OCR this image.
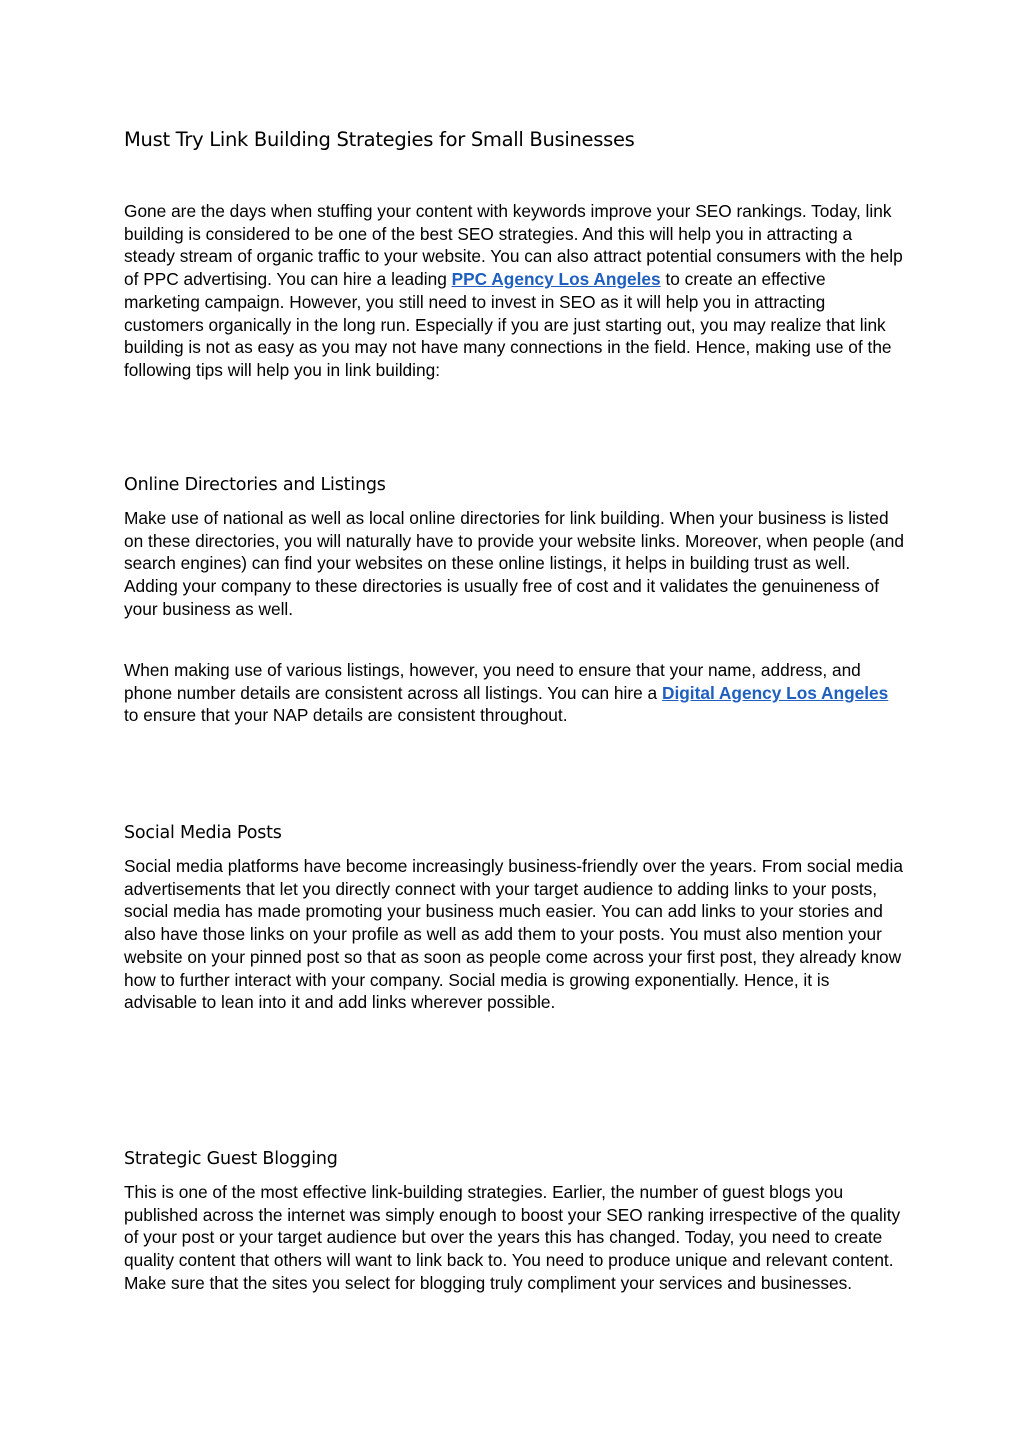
Must Try Link Building Strategies for Small Businesses
Gone are the days when stuffing your content with keywords improve your SEO rankings. Today, link building is considered to be one of the best SEO strategies. And this will help you in attracting a steady stream of organic traffic to your website. You can also attract potential consumers with the help of PPC advertising. You can hire a leading PPC Agency Los Angeles to create an effective marketing campaign. However, you still need to invest in SEO as it will help you in attracting customers organically in the long run. Especially if you are just starting out, you may realize that link building is not as easy as you may not have many connections in the field. Hence, making use of the following tips will help you in link building:
Online Directories and Listings
Make use of national as well as local online directories for link building. When your business is listed on these directories, you will naturally have to provide your website links. Moreover, when people (and search engines) can find your websites on these online listings, it helps in building trust as well. Adding your company to these directories is usually free of cost and it validates the genuineness of your business as well.
When making use of various listings, however, you need to ensure that your name, address, and phone number details are consistent across all listings. You can hire a Digital Agency Los Angeles to ensure that your NAP details are consistent throughout.
Social Media Posts
Social media platforms have become increasingly business-friendly over the years. From social media advertisements that let you directly connect with your target audience to adding links to your posts, social media has made promoting your business much easier. You can add links to your stories and also have those links on your profile as well as add them to your posts. You must also mention your website on your pinned post so that as soon as people come across your first post, they already know how to further interact with your company. Social media is growing exponentially. Hence, it is advisable to lean into it and add links wherever possible.
Strategic Guest Blogging
This is one of the most effective link-building strategies. Earlier, the number of guest blogs you published across the internet was simply enough to boost your SEO ranking irrespective of the quality of your post or your target audience but over the years this has changed. Today, you need to create quality content that others will want to link back to. You need to produce unique and relevant content. Make sure that the sites you select for blogging truly compliment your services and businesses.
